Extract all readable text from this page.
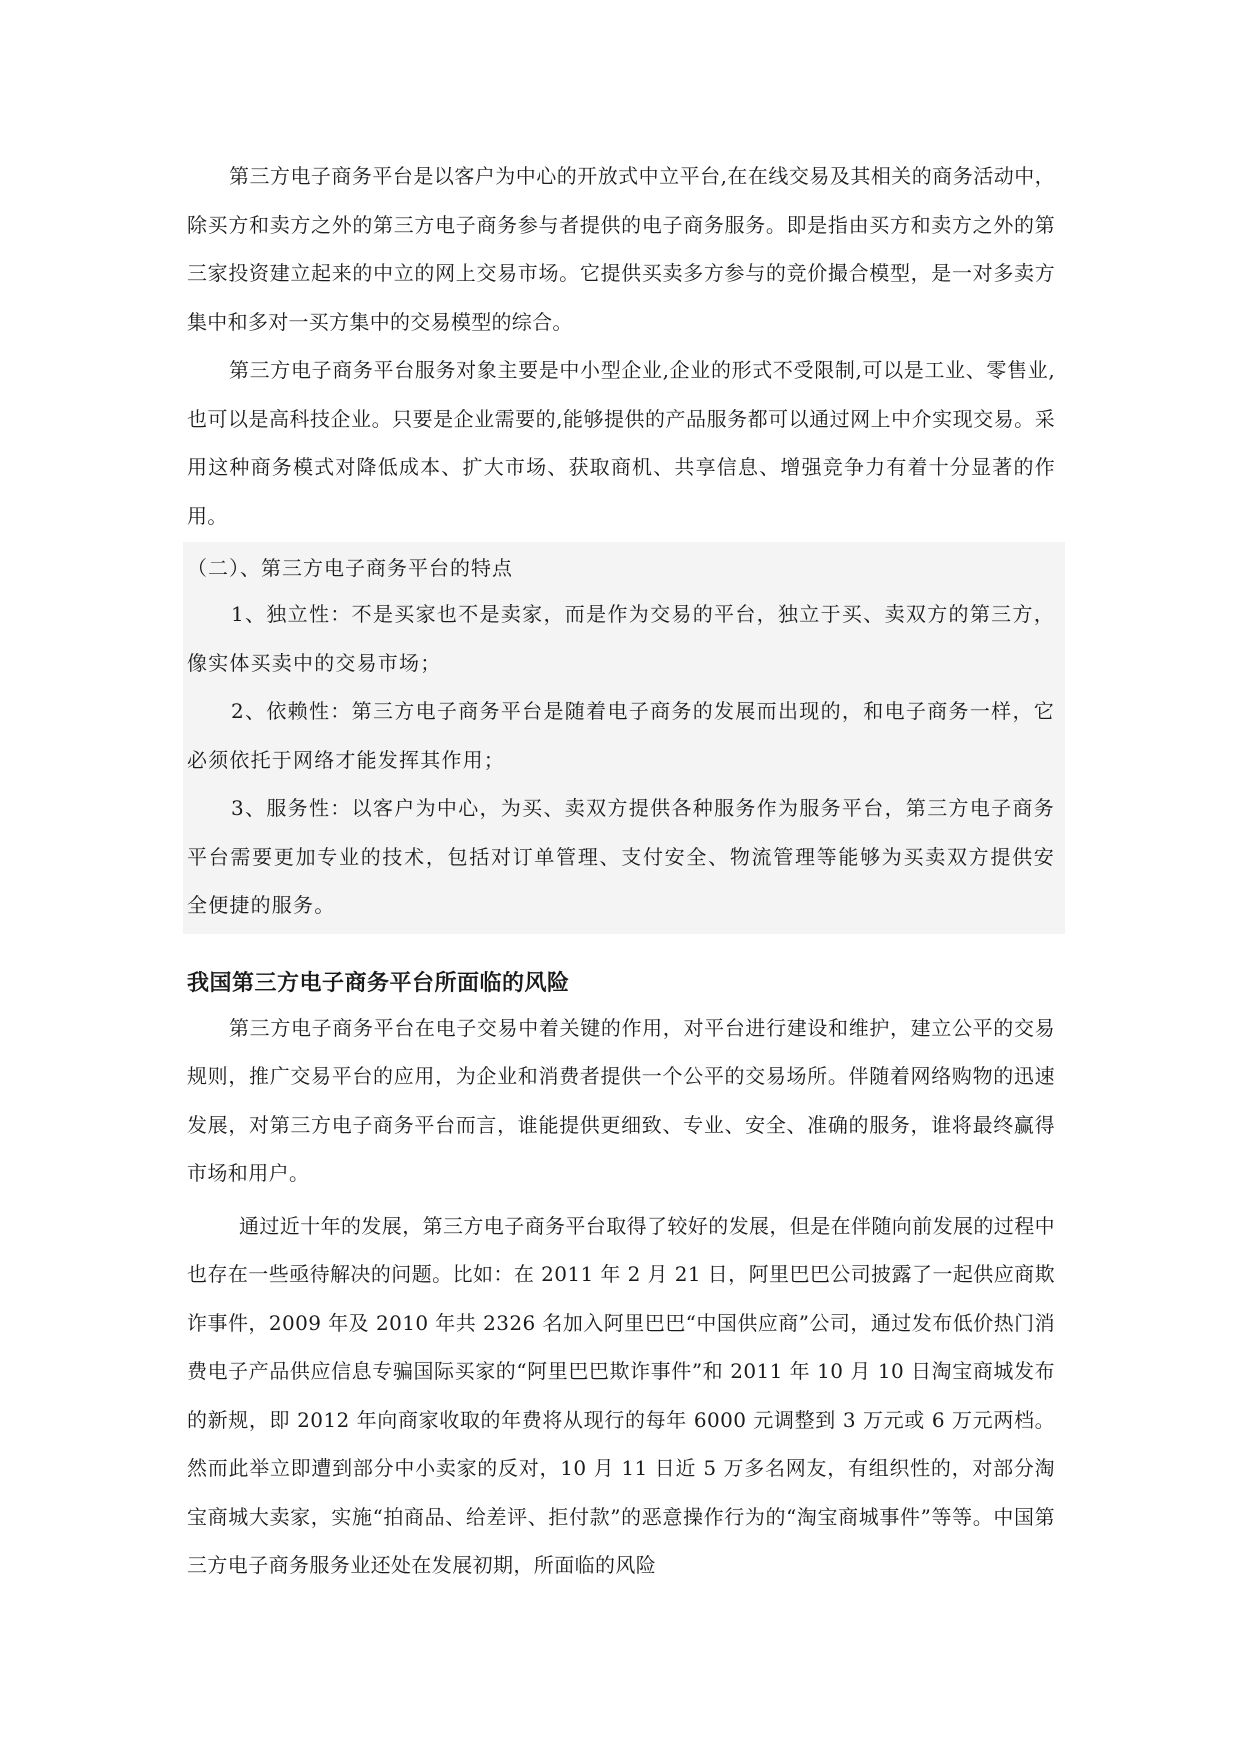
第三方电子商务平台是以客户为中心的开放式中立平台,在在线交易及其相关的商务活动中，除买方和卖方之外的第三方电子商务参与者提供的电子商务服务。即是指由买方和卖方之外的第三家投资建立起来的中立的网上交易市场。它提供买卖多方参与的竞价撮合模型，是一对多卖方集中和多对一买方集中的交易模型的综合。

第三方电子商务平台服务对象主要是中小型企业,企业的形式不受限制,可以是工业、零售业,也可以是高科技企业。只要是企业需要的,能够提供的产品服务都可以通过网上中介实现交易。采用这种商务模式对降低成本、扩大市场、获取商机、共享信息、增强竞争力有着十分显著的作用。

（二）、第三方电子商务平台的特点

1、独立性：不是买家也不是卖家，而是作为交易的平台，独立于买、卖双方的第三方，像实体买卖中的交易市场；

2、依赖性：第三方电子商务平台是随着电子商务的发展而出现的，和电子商务一样，它必须依托于网络才能发挥其作用；

3、服务性：以客户为中心，为买、卖双方提供各种服务作为服务平台，第三方电子商务平台需要更加专业的技术，包括对订单管理、支付安全、物流管理等能够为买卖双方提供安全便捷的服务。

我国第三方电子商务平台所面临的风险

第三方电子商务平台在电子交易中着关键的作用，对平台进行建设和维护，建立公平的交易规则，推广交易平台的应用，为企业和消费者提供一个公平的交易场所。伴随着网络购物的迅速发展，对第三方电子商务平台而言，谁能提供更细致、专业、安全、准确的服务，谁将最终赢得市场和用户。

通过近十年的发展，第三方电子商务平台取得了较好的发展，但是在伴随向前发展的过程中也存在一些亟待解决的问题。比如：在 2011 年 2 月 21 日，阿里巴巴公司披露了一起供应商欺诈事件，2009 年及 2010 年共 2326 名加入阿里巴巴“中国供应商”公司，通过发布低价热门消费电子产品供应信息专骗国际买家的“阿里巴巴欺诈事件”和 2011 年 10 月 10 日淘宝商城发布的新规，即 2012 年向商家收取的年费将从现行的每年 6000 元调整到 3 万元或 6 万元两档。然而此举立即遭到部分中小卖家的反对，10 月 11 日近 5 万多名网友，有组织性的，对部分淘宝商城大卖家，实施“拍商品、给差评、拒付款”的恶意操作行为的“淘宝商城事件”等等。中国第三方电子商务服务业还处在发展初期，所面临的风险
